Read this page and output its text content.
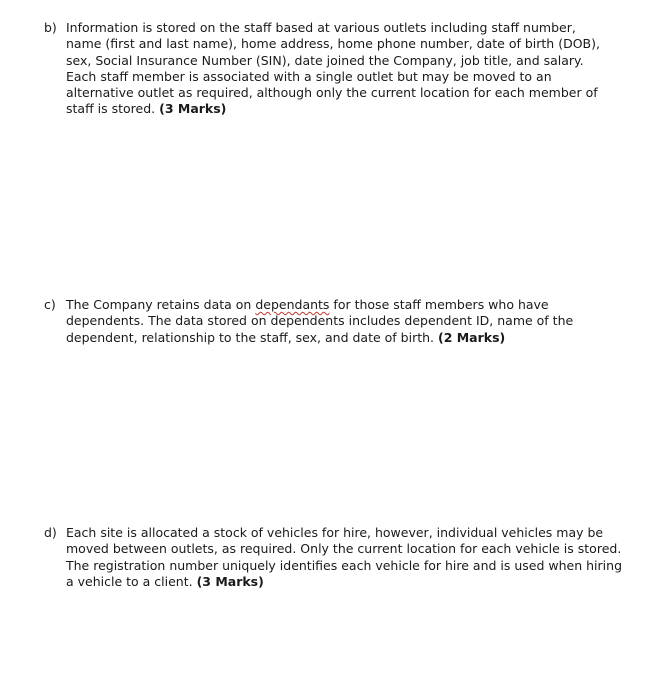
b) Information is stored on the staff based at various outlets including staff number,
name (first and last name), home address, home phone number, date of birth (DOB),
sex, Social Insurance Number (SIN), date joined the Company, job title, and salary.
Each staff member is associated with a single outlet but may be moved to an
alternative outlet as required, although only the current location for each member of
staff is stored. (3 Marks)
c) The Company retains data on dependants for those staff members who have
dependents. The data stored on dependents includes dependent ID, name of the
dependent, relationship to the staff, sex, and date of birth. (2 Marks)
d) Each site is allocated a stock of vehicles for hire, however, individual vehicles may be
moved between outlets, as required. Only the current location for each vehicle is stored.
The registration number uniquely identifies each vehicle for hire and is used when hiring
a vehicle to a client. (3 Marks)
